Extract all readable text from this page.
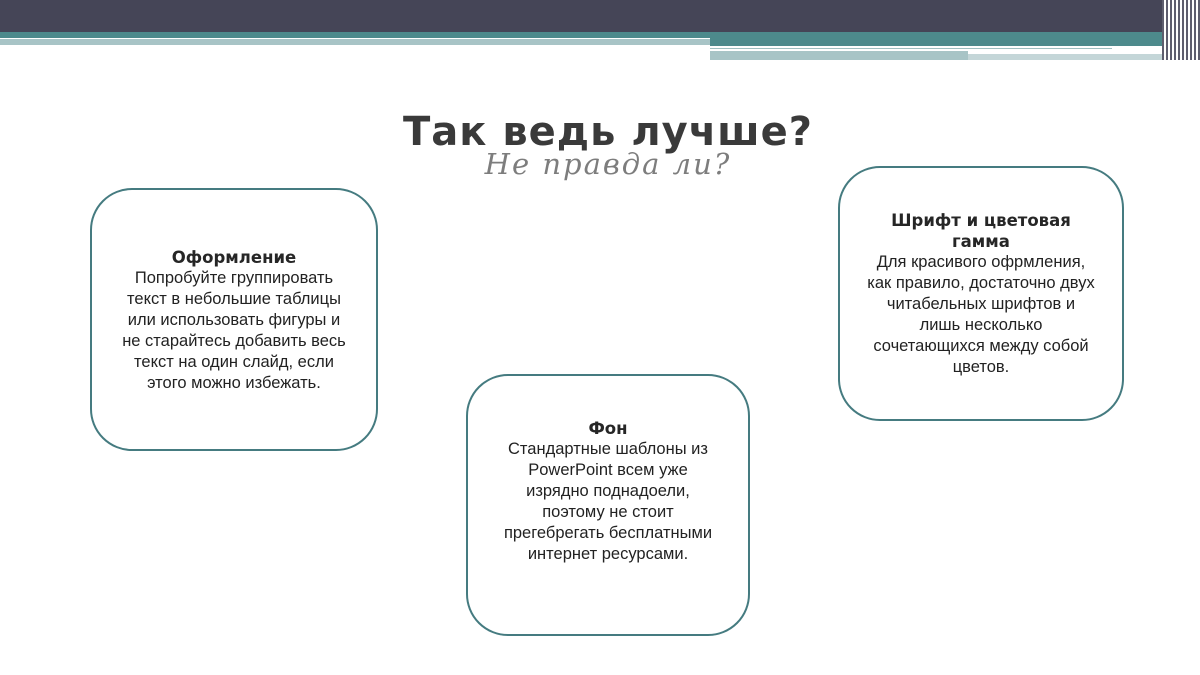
Так ведь лучше?
Не правда ли?
Оформление
Попробуйте группировать
текст в небольшие таблицы
или использовать фигуры и
не старайтесь добавить весь
текст на один слайд, если
этого можно избежать.
Фон
Стандартные шаблоны из
PowerPoint всем уже
изрядно поднадоели,
поэтому не стоит
прегебрегать бесплатными
интернет ресурсами.
Шрифт и цветовая
гамма
Для красивого офрмления,
как правило, достаточно двух
читабельных шрифтов и
лишь несколько
сочетающихся между собой
цветов.
